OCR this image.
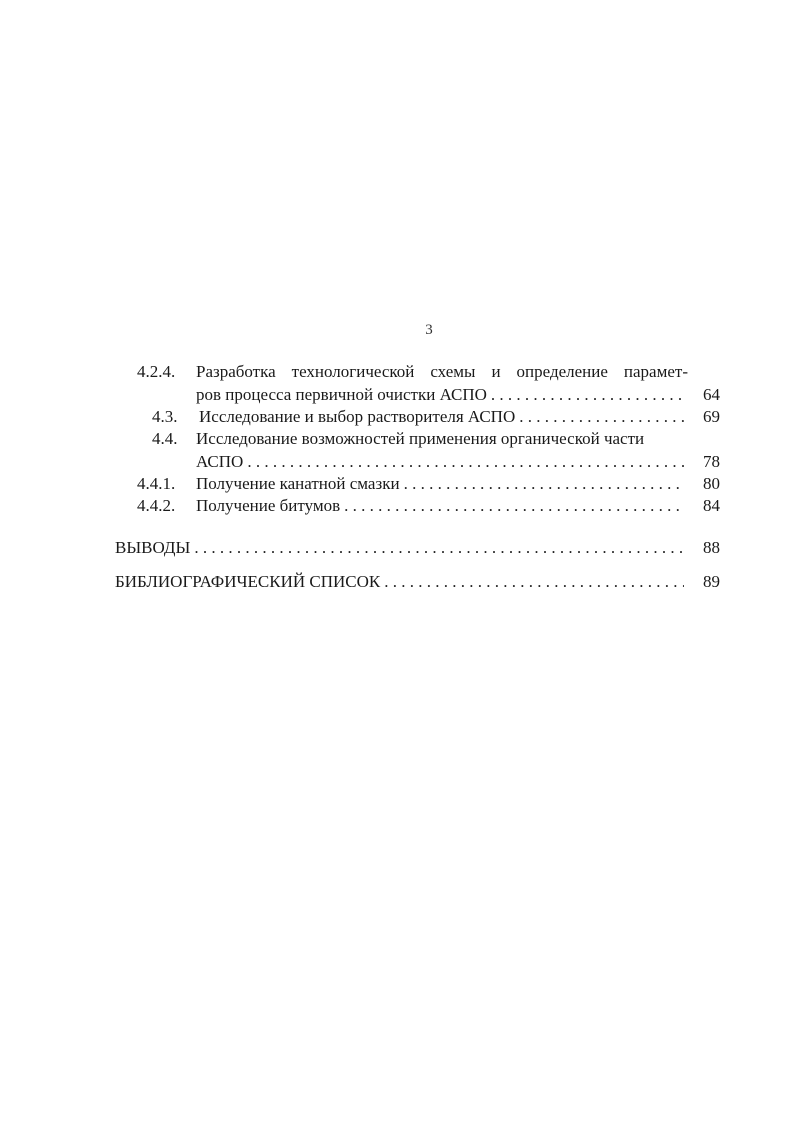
3
4.2.4. Разработка технологической схемы и определение парамет-
ров процесса первичной очистки АСПО . . .	64
4.3. Исследование и выбор растворителя АСПО . . .	69
4.4. Исследование возможностей применения органической части
АСПО . . .	78
4.4.1. Получение канатной смазки . . .	80
4.4.2. Получение битумов . . .	84
ВЫВОДЫ . . .	88
БИБЛИОГРАФИЧЕСКИЙ СПИСОК . . .	89
